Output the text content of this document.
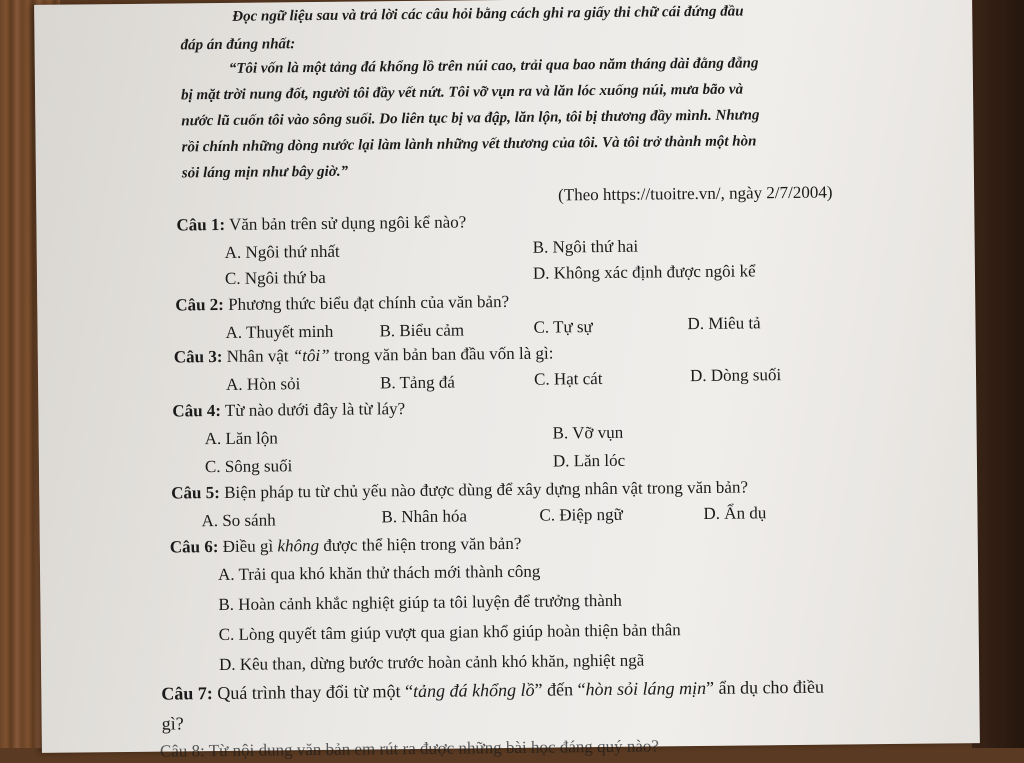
Đọc ngữ liệu sau và trả lời các câu hỏi bằng cách ghi ra giấy thi chữ cái đứng đầu
đáp án đúng nhất:
“Tôi vốn là một tảng đá khổng lồ trên núi cao, trải qua bao năm tháng dài đằng đẵng
bị mặt trời nung đốt, người tôi đầy vết nứt. Tôi vỡ vụn ra và lăn lóc xuống núi, mưa bão và
nước lũ cuốn tôi vào sông suối. Do liên tục bị va đập, lăn lộn, tôi bị thương đầy mình. Nhưng
rồi chính những dòng nước lại làm lành những vết thương của tôi. Và tôi trở thành một hòn
sỏi láng mịn như bây giờ.”
(Theo https://tuoitre.vn/, ngày 2/7/2004)
Câu 1: Văn bản trên sử dụng ngôi kể nào?
A. Ngôi thứ nhất	B. Ngôi thứ hai
C. Ngôi thứ ba	D. Không xác định được ngôi kể
Câu 2: Phương thức biểu đạt chính của văn bản?
A. Thuyết minh	B. Biểu cảm	C. Tự sự	D. Miêu tả
Câu 3: Nhân vật “tôi” trong văn bản ban đầu vốn là gì:
A. Hòn sỏi	B. Tảng đá	C. Hạt cát	D. Dòng suối
Câu 4: Từ nào dưới đây là từ láy?
A. Lăn lộn	B. Vỡ vụn
C. Sông suối	D. Lăn lóc
Câu 5: Biện pháp tu từ chủ yếu nào được dùng để xây dựng nhân vật trong văn bản?
A. So sánh	B. Nhân hóa	C. Điệp ngữ	D. Ẩn dụ
Câu 6: Điều gì không được thể hiện trong văn bản?
A. Trải qua khó khăn thử thách mới thành công
B. Hoàn cảnh khắc nghiệt giúp ta tôi luyện để trưởng thành
C. Lòng quyết tâm giúp vượt qua gian khổ giúp hoàn thiện bản thân
D. Kêu than, dừng bước trước hoàn cảnh khó khăn, nghiệt ngã
Câu 7: Quá trình thay đổi từ một “tảng đá khổng lồ” đến “hòn sỏi láng mịn” ẩn dụ cho điều
gì?
Câu 8: Từ nội dung văn bản em rút ra được những bài học đáng quý nào?
